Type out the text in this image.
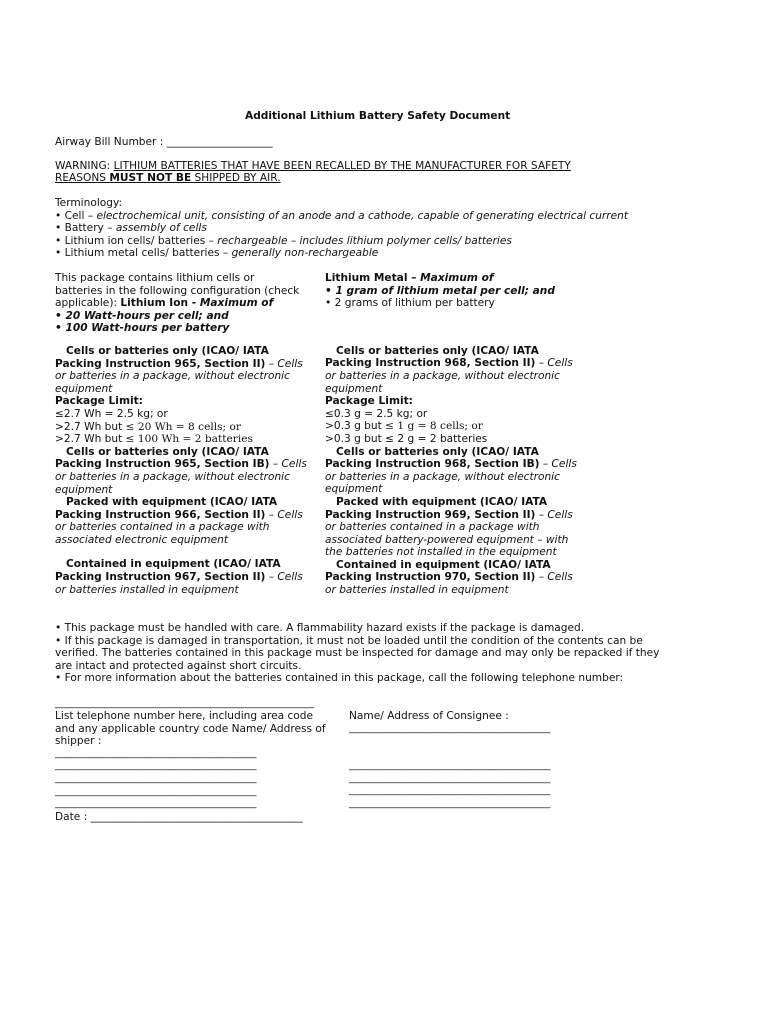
Additional Lithium Battery Safety Document
Airway Bill Number : ____________________
WARNING: LITHIUM BATTERIES THAT HAVE BEEN RECALLED BY THE MANUFACTURER FOR SAFETY
REASONS MUST NOT BE SHIPPED BY AIR.
Terminology:
• Cell – electrochemical unit, consisting of an anode and a cathode, capable of generating electrical current
• Battery – assembly of cells
• Lithium ion cells/ batteries – rechargeable – includes lithium polymer cells/ batteries
• Lithium metal cells/ batteries – generally non-rechargeable
This package contains lithium cells or
batteries in the following configuration (check
applicable): Lithium Ion - Maximum of
• 20 Watt-hours per cell; and
• 100 Watt-hours per battery
Cells or batteries only (ICAO/ IATA
Packing Instruction 965, Section II) – Cells
or batteries in a package, without electronic
equipment
Package Limit:
≤2.7 Wh = 2.5 kg; or
>2.7 Wh but ≤ 20 Wh = 8 cells; or
>2.7 Wh but ≤ 100 Wh = 2 batteries
Cells or batteries only (ICAO/ IATA
Packing Instruction 965, Section IB) – Cells
or batteries in a package, without electronic
equipment
Packed with equipment (ICAO/ IATA
Packing Instruction 966, Section II) – Cells
or batteries contained in a package with
associated electronic equipment
Contained in equipment (ICAO/ IATA
Packing Instruction 967, Section II) – Cells
or batteries installed in equipment
Lithium Metal – Maximum of
• 1 gram of lithium metal per cell; and
• 2 grams of lithium per battery
Cells or batteries only (ICAO/ IATA
Packing Instruction 968, Section II) – Cells
or batteries in a package, without electronic
equipment
Package Limit:
≤0.3 g = 2.5 kg; or
>0.3 g but ≤ 1 g = 8 cells; or
>0.3 g but ≤ 2 g = 2 batteries
Cells or batteries only (ICAO/ IATA
Packing Instruction 968, Section IB) – Cells
or batteries in a package, without electronic
equipment
Packed with equipment (ICAO/ IATA
Packing Instruction 969, Section II) – Cells
or batteries contained in a package with
associated battery-powered equipment – with
the batteries not installed in the equipment
Contained in equipment (ICAO/ IATA
Packing Instruction 970, Section II) – Cells
or batteries installed in equipment
• This package must be handled with care. A flammability hazard exists if the package is damaged.
• If this package is damaged in transportation, it must not be loaded until the condition of the contents can be
verified. The batteries contained in this package must be inspected for damage and may only be repacked if they
are intact and protected against short circuits.
• For more information about the batteries contained in this package, call the following telephone number:
______________________________________________________
List telephone number here, including area code
and any applicable country code Name/ Address of
shipper :
__________________________________________
__________________________________________
__________________________________________
__________________________________________
__________________________________________
Date : ________________________________________
Name/ Address of Consignee :
__________________________________________
__________________________________________
__________________________________________
__________________________________________
__________________________________________
